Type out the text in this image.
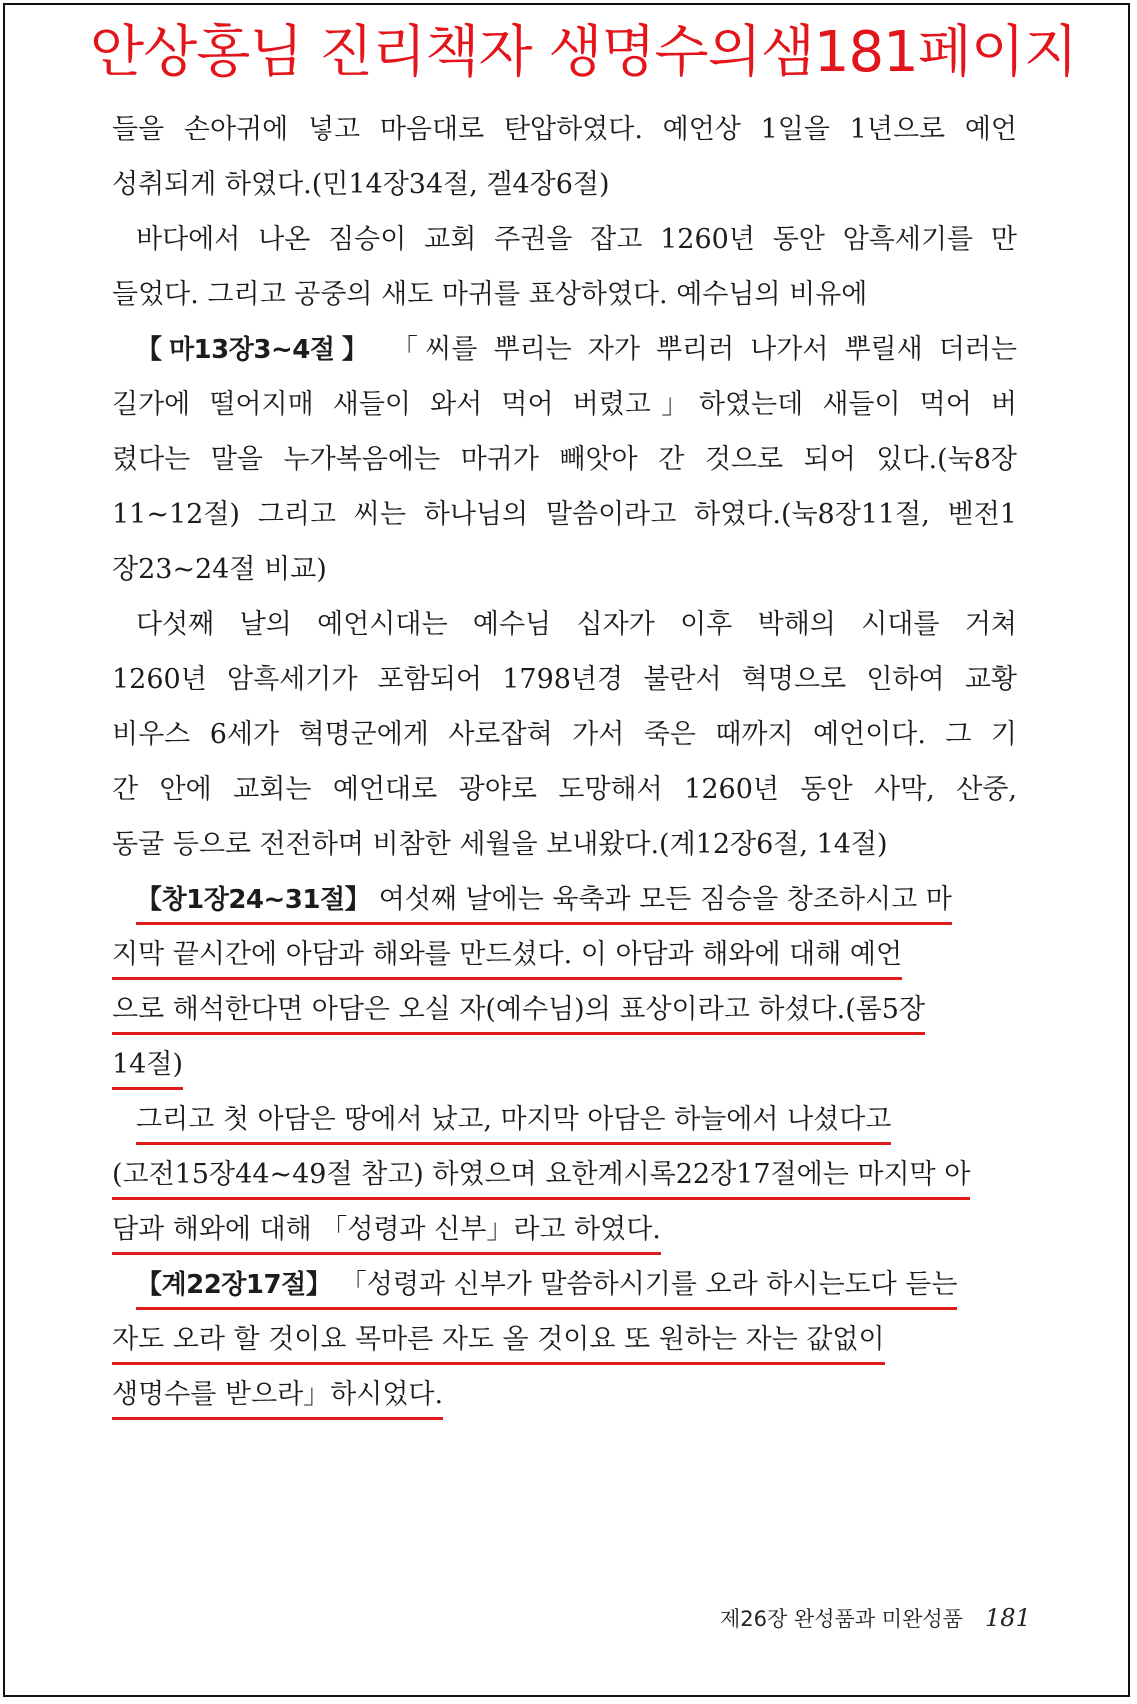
안상홍님 진리책자 생명수의샘181페이지

들을 손아귀에 넣고 마음대로 탄압하였다. 예언상 1일을 1년으로 예언

성취되게 하였다.(민14장34절, 겔4장6절)

바다에서 나온 짐승이 교회 주권을 잡고 1260년 동안 암흑세기를 만

들었다. 그리고 공중의 새도 마귀를 표상하였다. 예수님의 비유에

【마13장3~4절】 「씨를 뿌리는 자가 뿌리러 나가서 뿌릴새 더러는

길가에 떨어지매 새들이 와서 먹어 버렸고」하였는데 새들이 먹어 버

렸다는 말을 누가복음에는 마귀가 빼앗아 간 것으로 되어 있다.(눅8장

11~12절) 그리고 씨는 하나님의 말씀이라고 하였다.(눅8장11절, 벧전1

장23~24절 비교)

다섯째 날의 예언시대는 예수님 십자가 이후 박해의 시대를 거쳐

1260년 암흑세기가 포함되어 1798년경 불란서 혁명으로 인하여 교황

비우스 6세가 혁명군에게 사로잡혀 가서 죽은 때까지 예언이다. 그 기

간 안에 교회는 예언대로 광야로 도망해서 1260년 동안 사막, 산중,

동굴 등으로 전전하며 비참한 세월을 보내왔다.(계12장6절, 14절)

【창1장24~31절】 여섯째 날에는 육축과 모든 짐승을 창조하시고 마

지막 끝시간에 아담과 해와를 만드셨다. 이 아담과 해와에 대해 예언

으로 해석한다면 아담은 오실 자(예수님)의 표상이라고 하셨다.(롬5장

14절)

그리고 첫 아담은 땅에서 났고, 마지막 아담은 하늘에서 나셨다고

(고전15장44~49절 참고) 하였으며 요한계시록22장17절에는 마지막 아

담과 해와에 대해 「성령과 신부」라고 하였다.

【계22장17절】 「성령과 신부가 말씀하시기를 오라 하시는도다 듣는

자도 오라 할 것이요 목마른 자도 올 것이요 또 원하는 자는 값없이

생명수를 받으라」하시었다.

제26장 완성품과 미완성품 181
